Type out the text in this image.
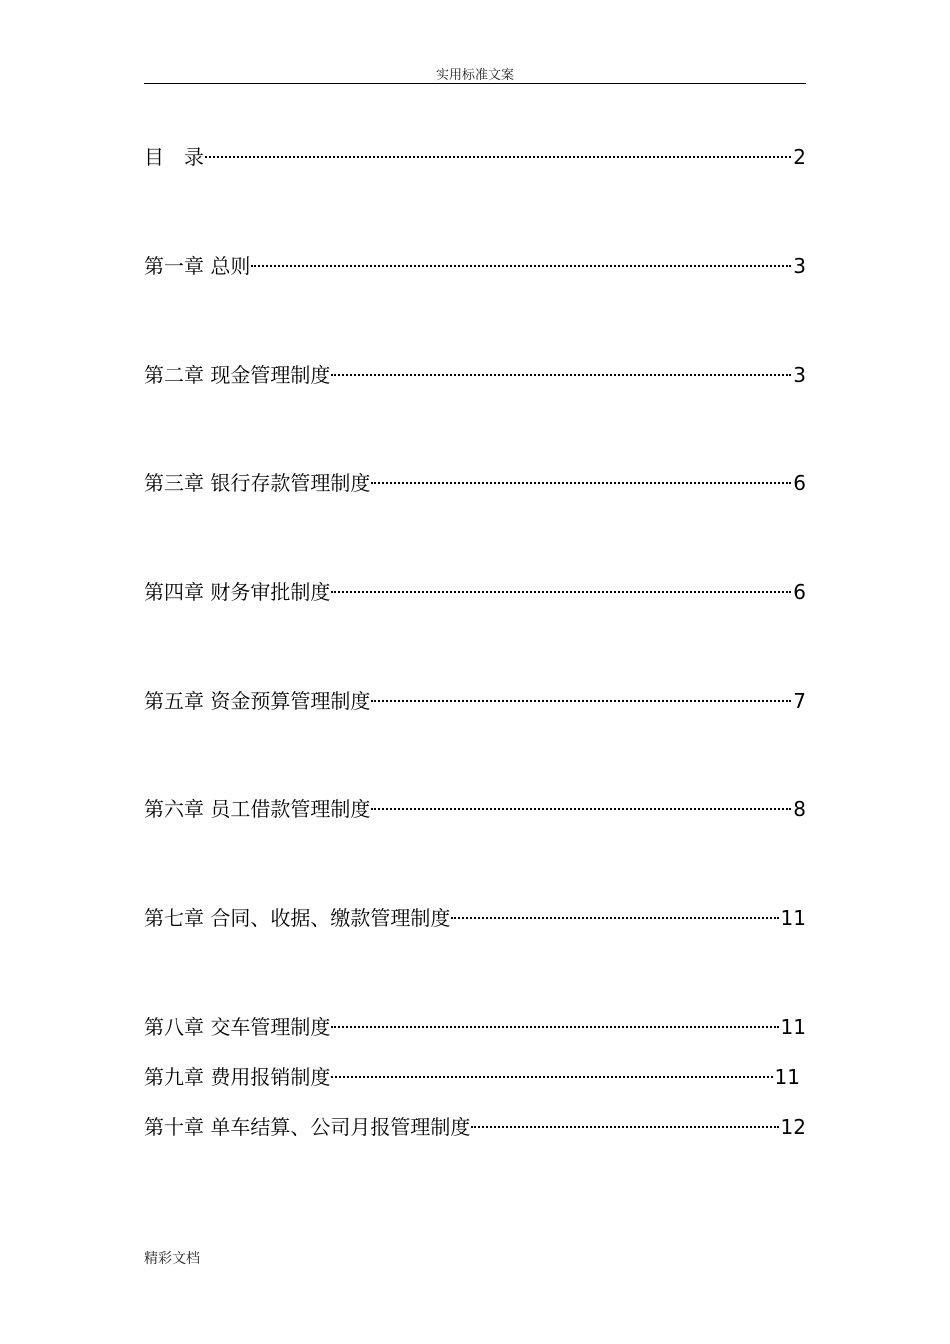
实用标准文案
目　录	2
第一章 总则	3
第二章 现金管理制度	3
第三章 银行存款管理制度	6
第四章 财务审批制度	6
第五章 资金预算管理制度	7
第六章 员工借款管理制度	8
第七章 合同、收据、缴款管理制度	11
第八章 交车管理制度	11
第九章 费用报销制度	11
第十章 单车结算、公司月报管理制度	12
精彩文档
